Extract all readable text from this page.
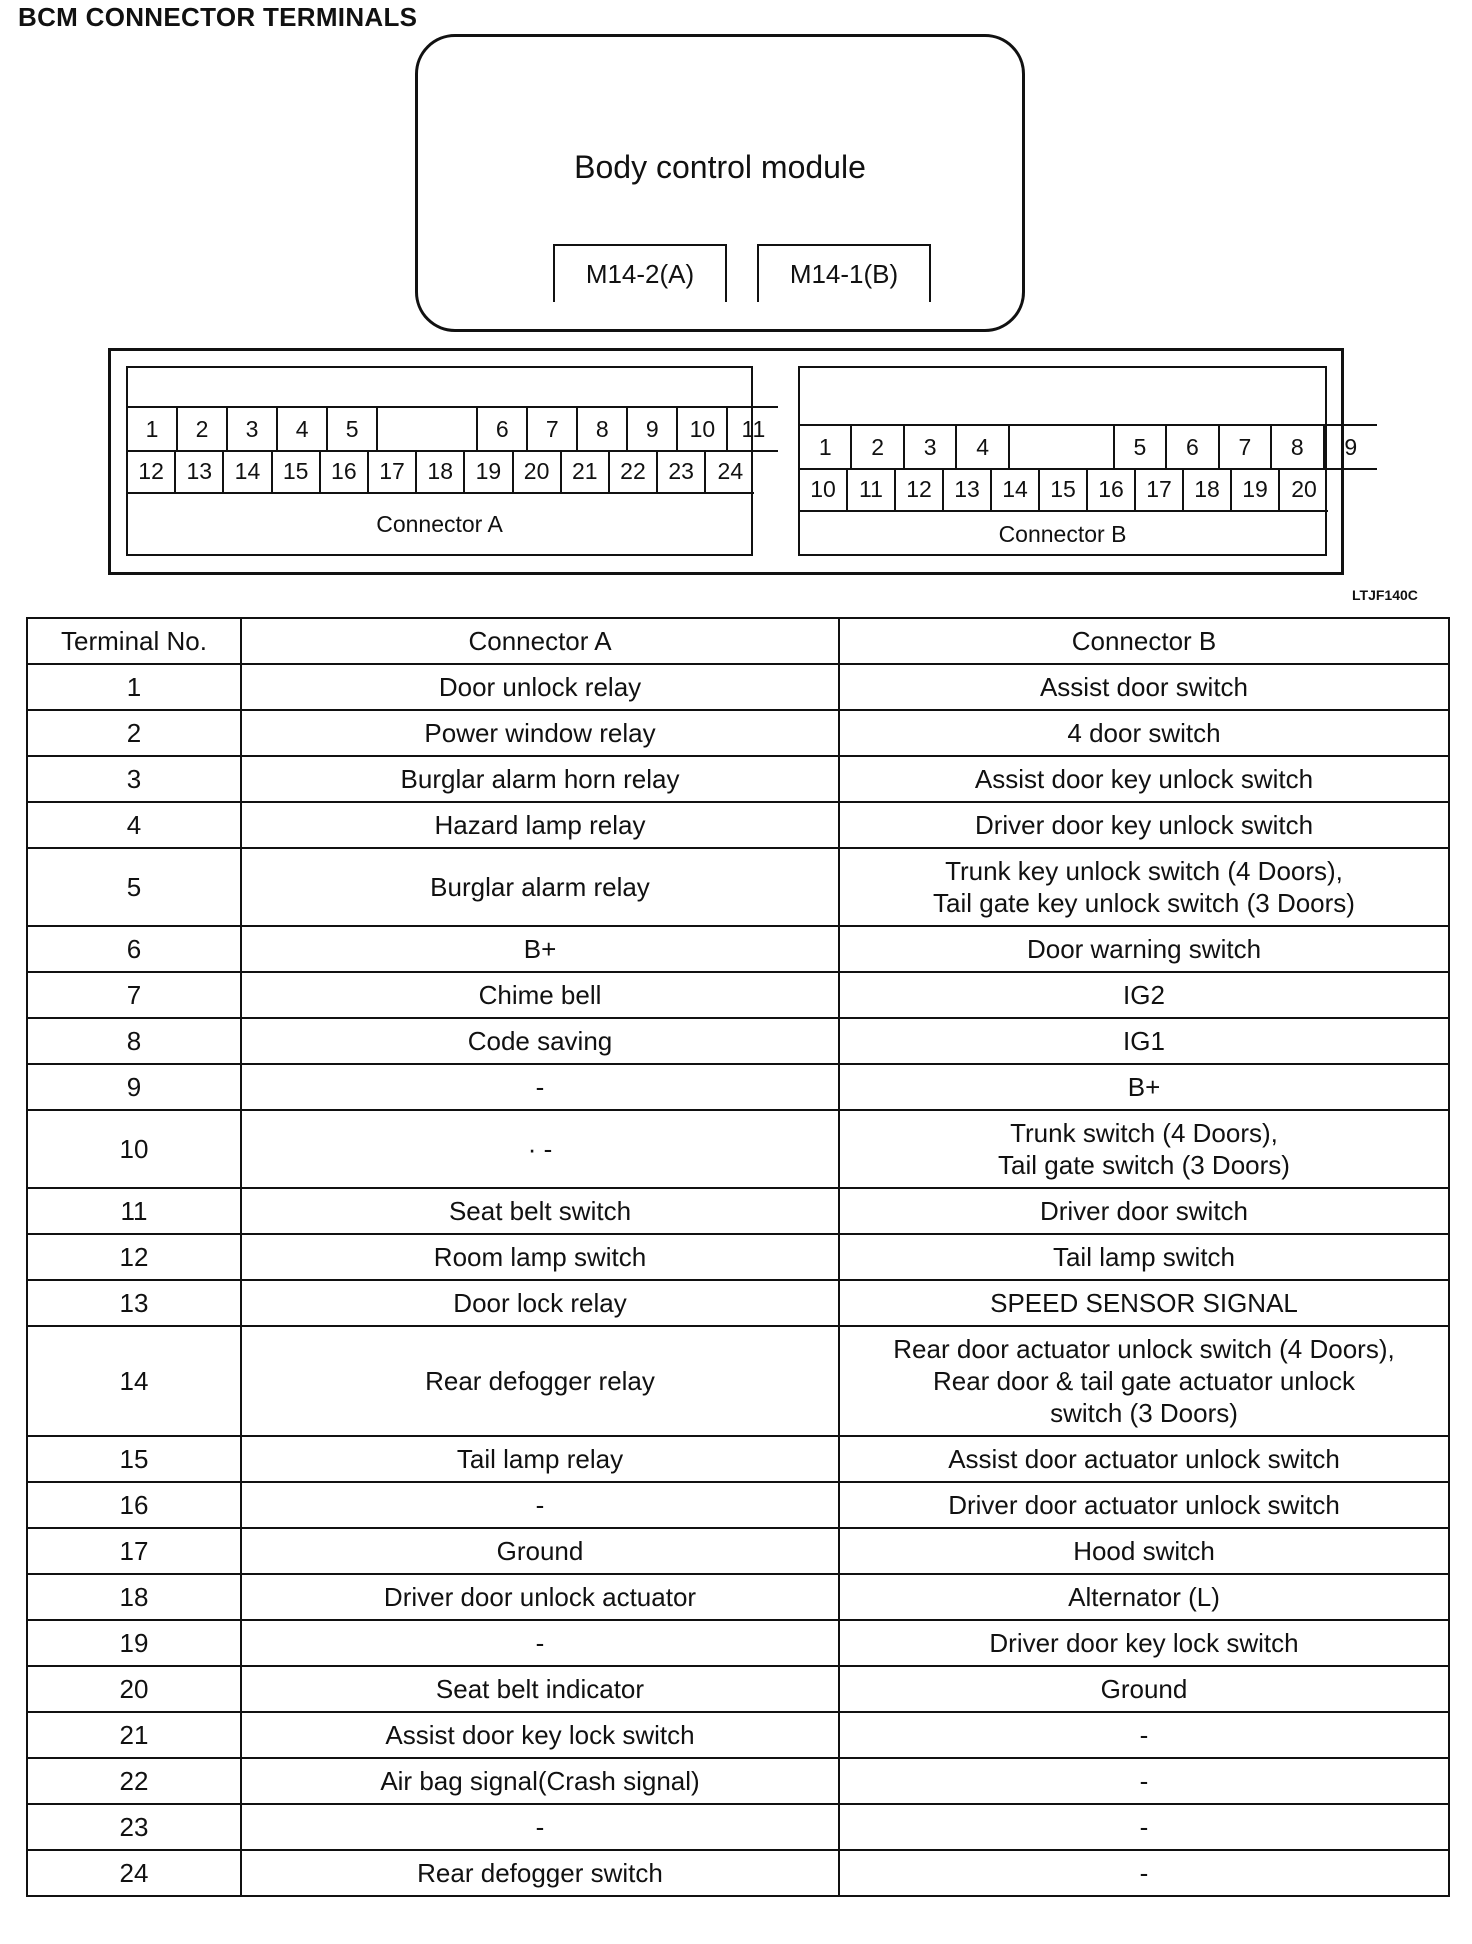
BCM CONNECTOR TERMINALS
Body control module
M14-2(A)	M14-1(B)
1	2	3	4	5	6	7	8	9	10	11
12 13 14 15 16 17 18 19 20 21 22 23	24
Connector A
1	2	3	4	5	6	7	8	9
10	11	12 13 14 15 16 17 18 19	20
Connector B
LTJF140C
Terminal No.	Connector A	Connector B
1	Door unlock relay	Assist door switch
2	Power window relay	4 door switch
3	Burglar alarm horn relay	Assist door key unlock switch
4	Hazard lamp relay	Driver door key unlock switch
5	Burglar alarm relay	Trunk key unlock switch (4 Doors),
Tail gate key unlock switch (3 Doors)
6	B+	Door warning switch
7	Chime bell	IG2
8	Code saving	IG1
9	-	B+
10	· -	Trunk switch (4 Doors),
Tail gate switch (3 Doors)
11	Seat belt switch	Driver door switch
12	Room lamp switch	Tail lamp switch
13	Door lock relay	SPEED SENSOR SIGNAL
14	Rear defogger relay	Rear door actuator unlock switch (4 Doors),
Rear door & tail gate actuator unlock
switch (3 Doors)
15	Tail lamp relay	Assist door actuator unlock switch
16	-	Driver door actuator unlock switch
17	Ground	Hood switch
18	Driver door unlock actuator	Alternator (L)
19	-	Driver door key lock switch
20	Seat belt indicator	Ground
21	Assist door key lock switch	-
22	Air bag signal(Crash signal)	-
23	-	-
24	Rear defogger switch	-
